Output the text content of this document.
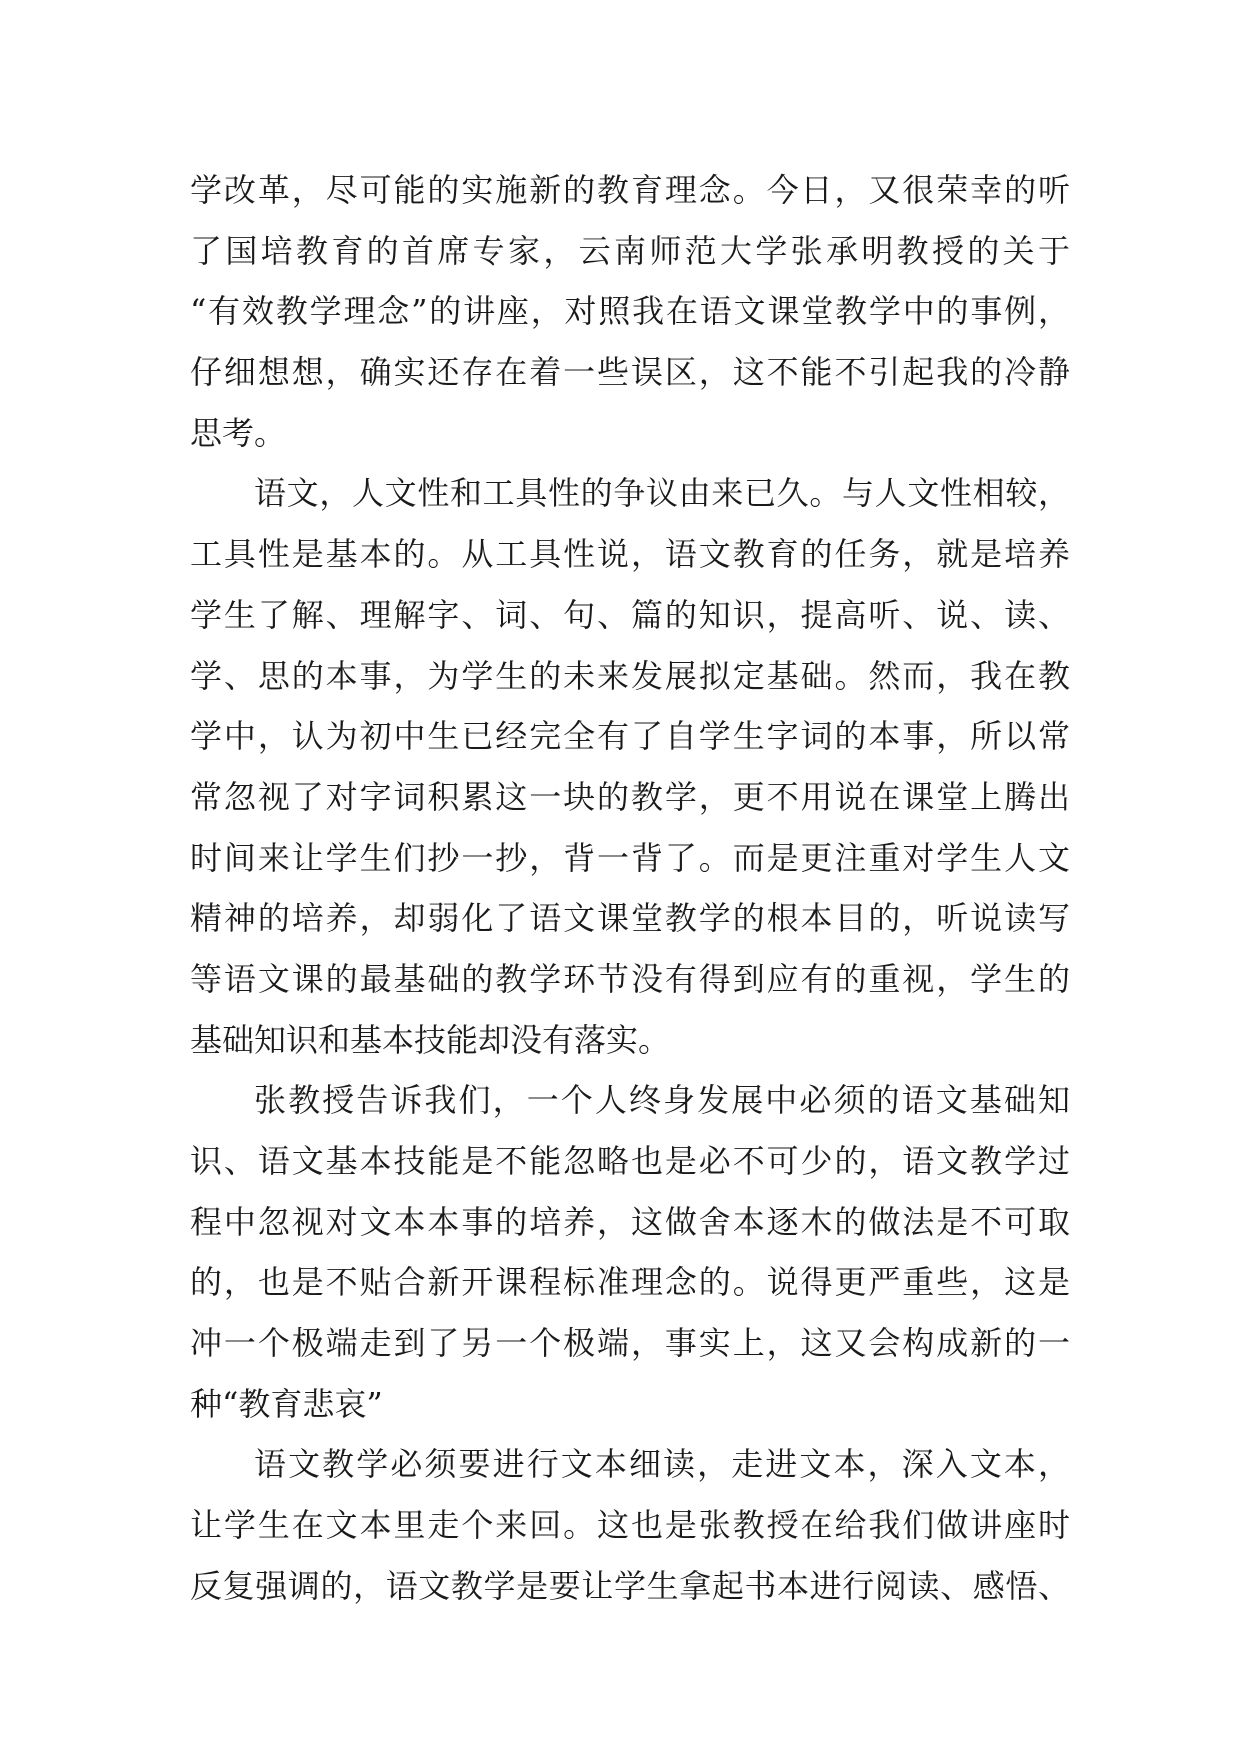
学改革，尽可能的实施新的教育理念。今日，又很荣幸的听
了国培教育的首席专家，云南师范大学张承明教授的关于
“有效教学理念”的讲座，对照我在语文课堂教学中的事例，
仔细想想，确实还存在着一些误区，这不能不引起我的冷静
思考。
语文，人文性和工具性的争议由来已久。与人文性相较，
工具性是基本的。从工具性说，语文教育的任务，就是培养
学生了解、理解字、词、句、篇的知识，提高听、说、读、
学、思的本事，为学生的未来发展拟定基础。然而，我在教
学中，认为初中生已经完全有了自学生字词的本事，所以常
常忽视了对字词积累这一块的教学，更不用说在课堂上腾出
时间来让学生们抄一抄，背一背了。而是更注重对学生人文
精神的培养，却弱化了语文课堂教学的根本目的，听说读写
等语文课的最基础的教学环节没有得到应有的重视，学生的
基础知识和基本技能却没有落实。
张教授告诉我们，一个人终身发展中必须的语文基础知
识、语文基本技能是不能忽略也是必不可少的，语文教学过
程中忽视对文本本事的培养，这做舍本逐木的做法是不可取
的，也是不贴合新开课程标准理念的。说得更严重些，这是
冲一个极端走到了另一个极端，事实上，这又会构成新的一
种“教育悲哀”
语文教学必须要进行文本细读，走进文本，深入文本，
让学生在文本里走个来回。这也是张教授在给我们做讲座时
反复强调的，语文教学是要让学生拿起书本进行阅读、感悟、
